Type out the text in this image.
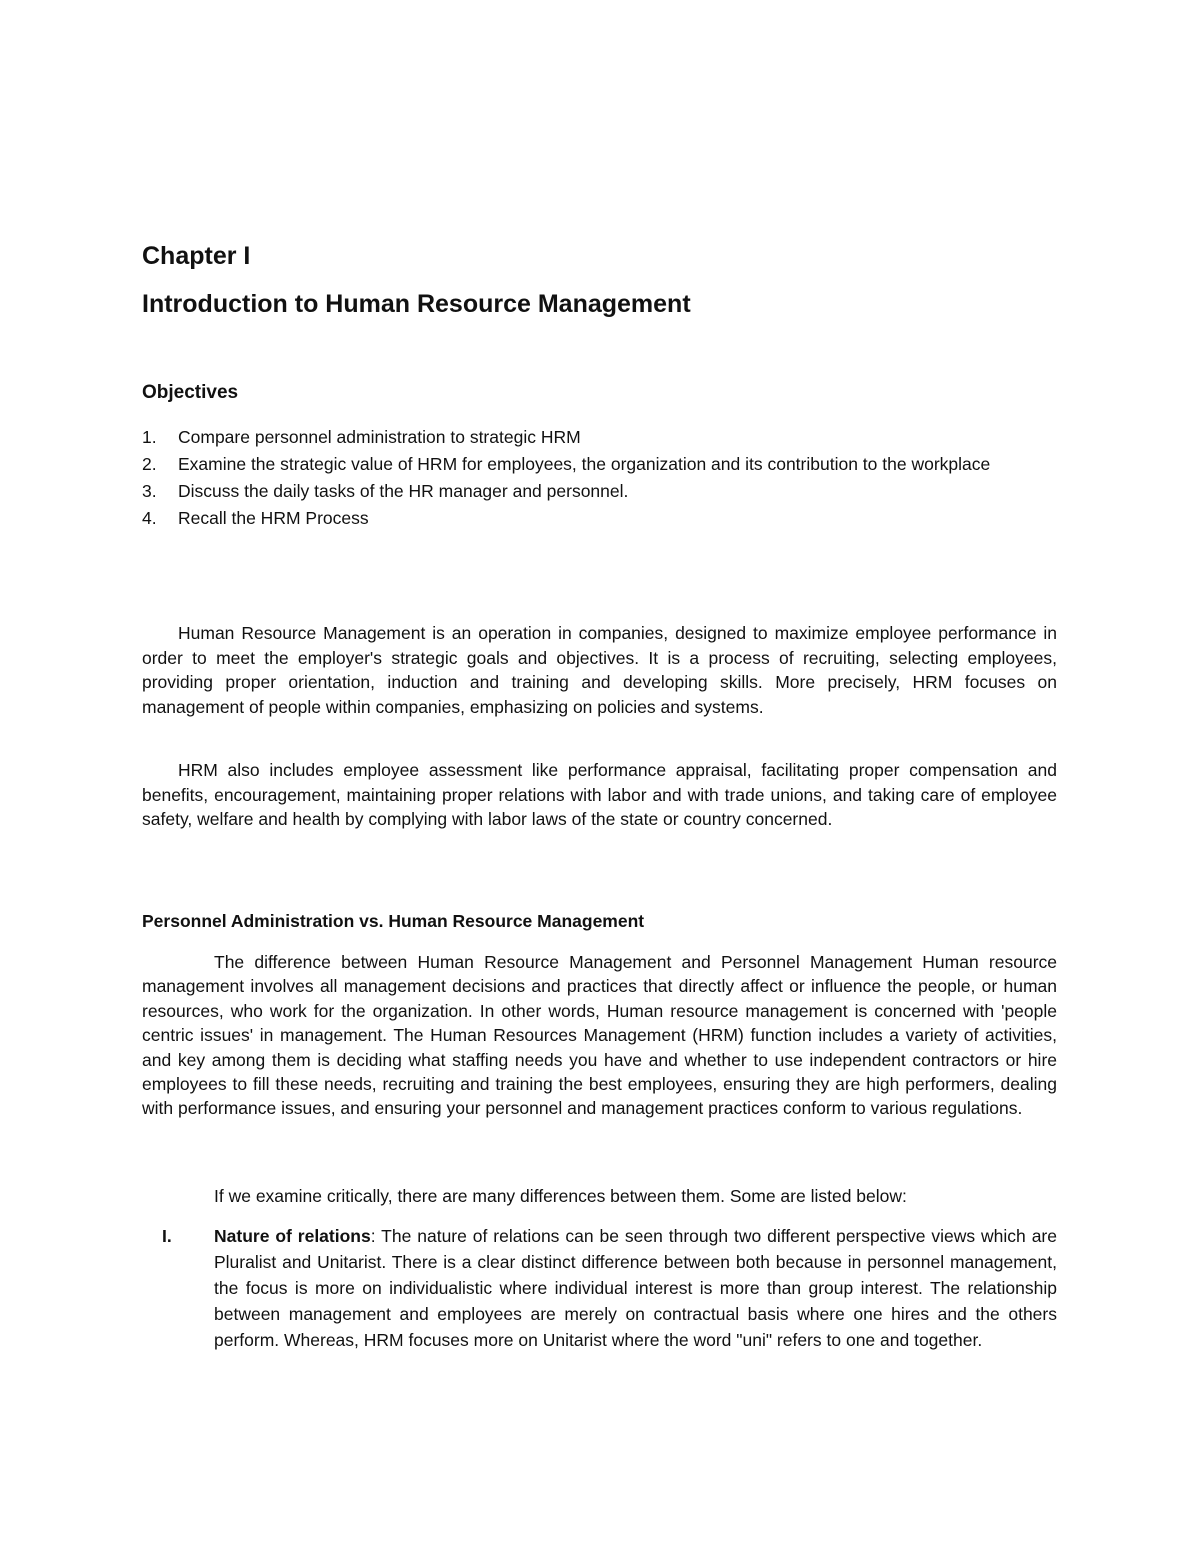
Chapter I
Introduction to Human Resource Management
Objectives
1. Compare personnel administration to strategic HRM
2. Examine the strategic value of HRM for employees, the organization and its contribution to the workplace
3. Discuss the daily tasks of the HR manager and personnel.
4. Recall the HRM Process

Human Resource Management is an operation in companies, designed to maximize employee performance in order to meet the employer's strategic goals and objectives. It is a process of recruiting, selecting employees, providing proper orientation, induction and training and developing skills. More precisely, HRM focuses on management of people within companies, emphasizing on policies and systems.

HRM also includes employee assessment like performance appraisal, facilitating proper compensation and benefits, encouragement, maintaining proper relations with labor and with trade unions, and taking care of employee safety, welfare and health by complying with labor laws of the state or country concerned.

Personnel Administration vs. Human Resource Management

The difference between Human Resource Management and Personnel Management Human resource management involves all management decisions and practices that directly affect or influence the people, or human resources, who work for the organization. In other words, Human resource management is concerned with 'people centric issues' in management. The Human Resources Management (HRM) function includes a variety of activities, and key among them is deciding what staffing needs you have and whether to use independent contractors or hire employees to fill these needs, recruiting and training the best employees, ensuring they are high performers, dealing with performance issues, and ensuring your personnel and management practices conform to various regulations.

If we examine critically, there are many differences between them. Some are listed below:

I. Nature of relations: The nature of relations can be seen through two different perspective views which are Pluralist and Unitarist. There is a clear distinct difference between both because in personnel management, the focus is more on individualistic where individual interest is more than group interest. The relationship between management and employees are merely on contractual basis where one hires and the others perform. Whereas, HRM focuses more on Unitarist where the word "uni" refers to one and together.
